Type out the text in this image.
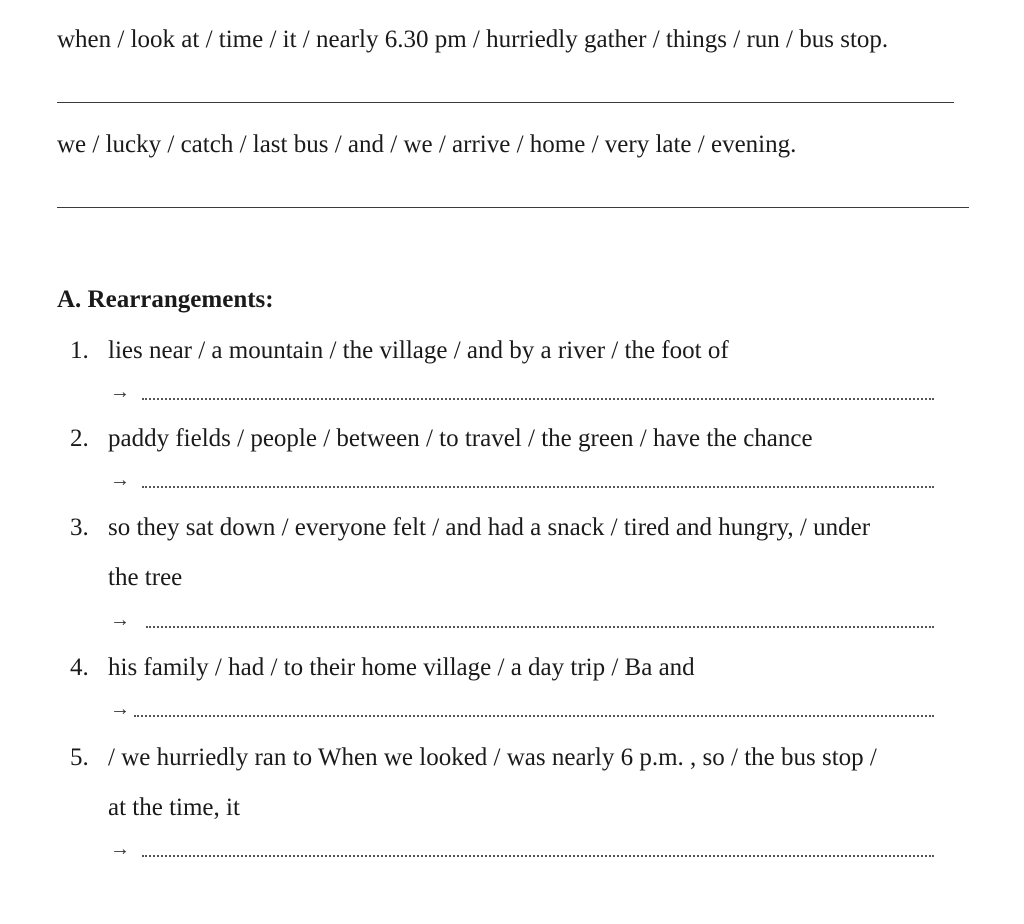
when / look at / time / it / nearly 6.30 pm / hurriedly gather / things / run / bus stop.
we / lucky / catch / last bus / and / we / arrive / home / very late / evening.
A. Rearrangements:
1. lies near / a mountain / the village / and by a river / the foot of
→
2. paddy fields / people / between / to travel / the green / have the chance
→
3. so they sat down / everyone felt / and had a snack / tired and hungry, / under
the tree
→
4. his family / had / to their home village / a day trip / Ba and
→
5. / we hurriedly ran to When we looked / was nearly 6 p.m. , so / the bus stop /
at the time, it
→
